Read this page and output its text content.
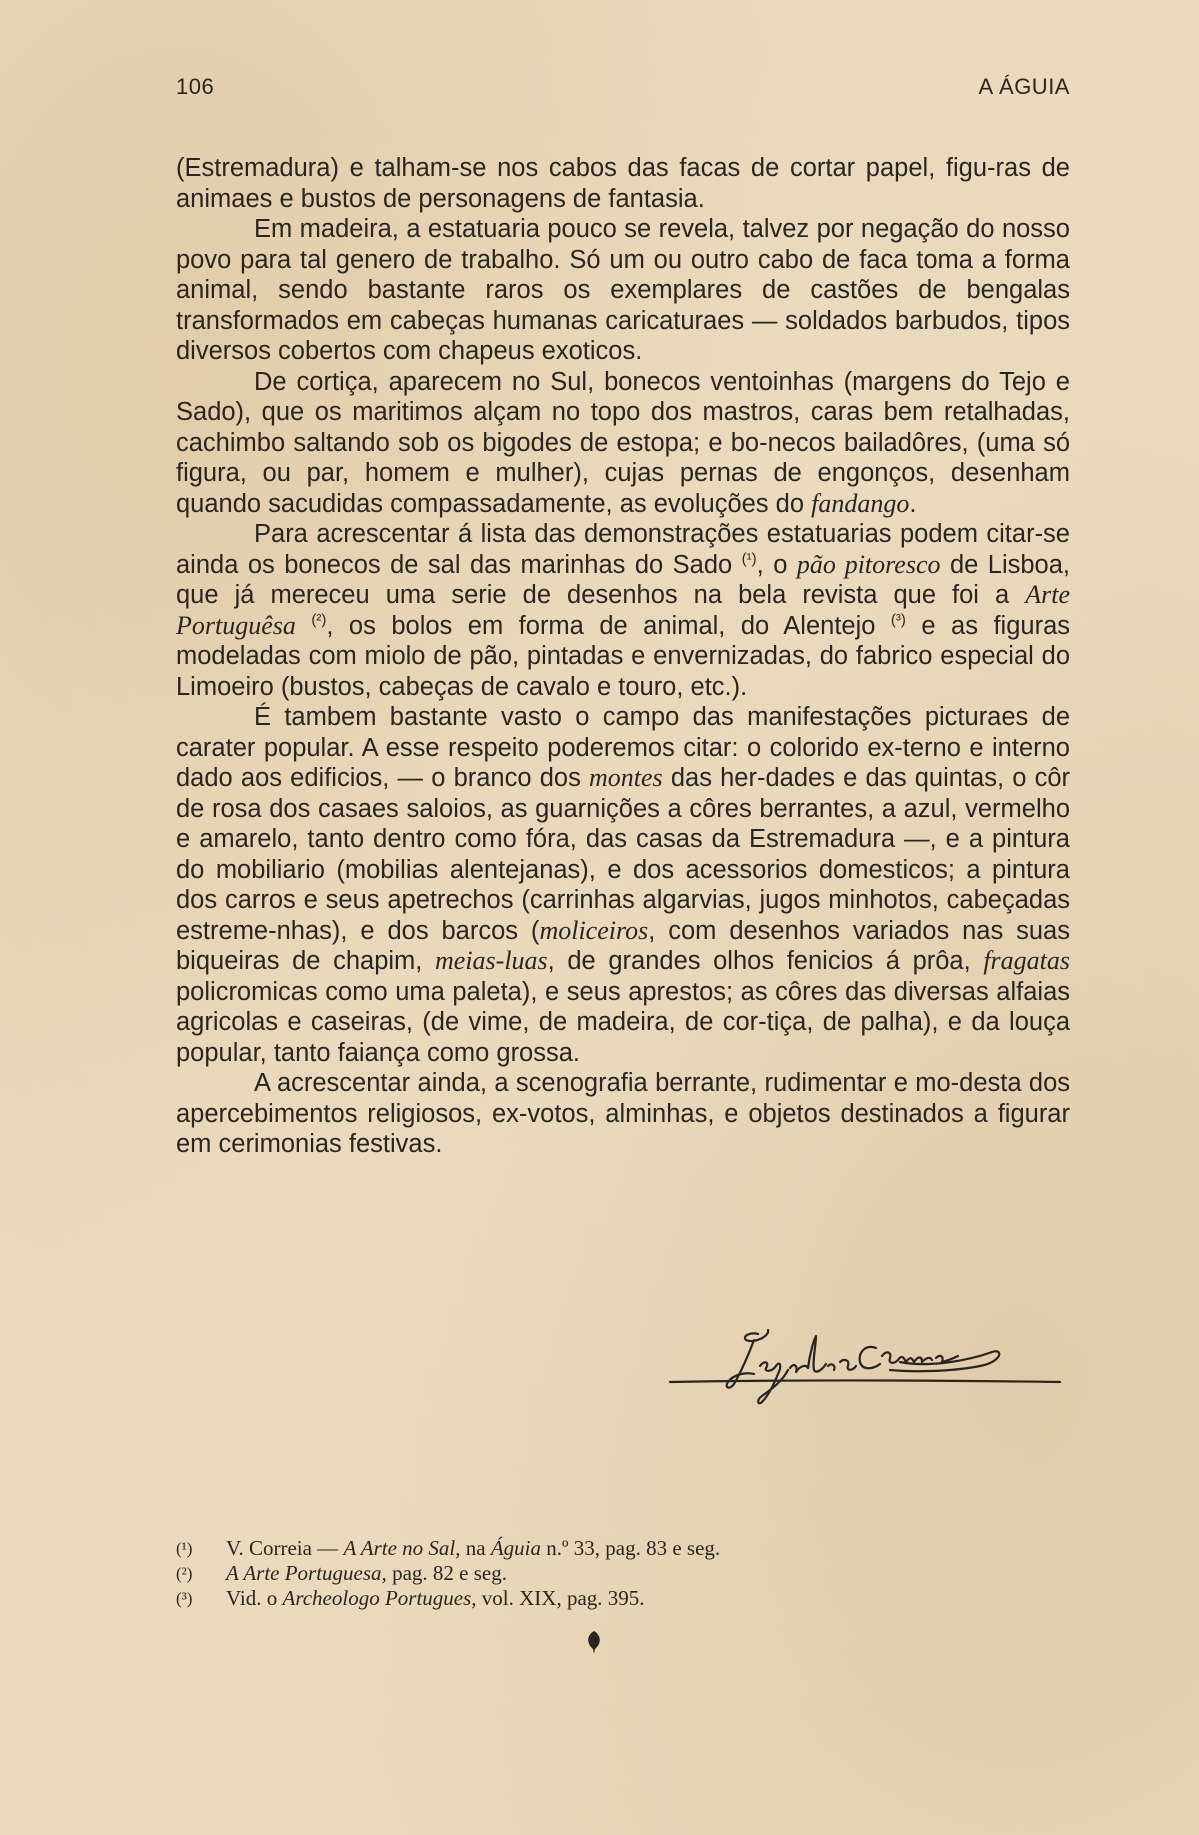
106	A ÁGUIA

(Estremadura) e talham-se nos cabos das facas de cortar papel, figu-ras de animaes e bustos de personagens de fantasia.

Em madeira, a estatuaria pouco se revela, talvez por negação do nosso povo para tal genero de trabalho. Só um ou outro cabo de faca toma a forma animal, sendo bastante raros os exemplares de castões de bengalas transformados em cabeças humanas caricaturaes — soldados barbudos, tipos diversos cobertos com chapeus exoticos.

De cortiça, aparecem no Sul, bonecos ventoinhas (margens do Tejo e Sado), que os maritimos alçam no topo dos mastros, caras bem retalhadas, cachimbo saltando sob os bigodes de estopa; e bo-necos bailadôres, (uma só figura, ou par, homem e mulher), cujas pernas de engonços, desenham quando sacudidas compassadamente, as evoluções do fandango.

Para acrescentar á lista das demonstrações estatuarias podem citar-se ainda os bonecos de sal das marinhas do Sado $^{(^1)}$, o pão pitoresco de Lisboa, que já mereceu uma serie de desenhos na bela revista que foi a Arte Portuguêsa $^{(^2)}$, os bolos em forma de animal, do Alentejo $^{(^3)}$ e as figuras modeladas com miolo de pão, pintadas e envernizadas, do fabrico especial do Limoeiro (bustos, cabeças de cavalo e touro, etc.).

É tambem bastante vasto o campo das manifestações picturaes de carater popular. A esse respeito poderemos citar: o colorido ex-terno e interno dado aos edificios, — o branco dos montes das her-dades e das quintas, o côr de rosa dos casaes saloios, as guarnições a côres berrantes, a azul, vermelho e amarelo, tanto dentro como fóra, das casas da Estremadura —, e a pintura do mobiliario (mobilias alentejanas), e dos acessorios domesticos; a pintura dos carros e seus apetrechos (carrinhas algarvias, jugos minhotos, cabeçadas estreme-nhas), e dos barcos (moliceiros, com desenhos variados nas suas biqueiras de chapim, meias-luas, de grandes olhos fenicios á prôa, fragatas policromicas como uma paleta), e seus aprestos; as côres das diversas alfaias agricolas e caseiras, (de vime, de madeira, de cor-tiça, de palha), e da louça popular, tanto faiança como grossa.

A acrescentar ainda, a scenografia berrante, rudimentar e mo-desta dos apercebimentos religiosos, ex-votos, alminhas, e objetos destinados a figurar em cerimonias festivas.

(¹)	V. Correia — A Arte no Sal, na Águia n.º 33, pag. 83 e seg.
(²)	A Arte Portuguesa, pag. 82 e seg.
(³)	Vid. o Archeologo Portugues, vol. XIX, pag. 395.
